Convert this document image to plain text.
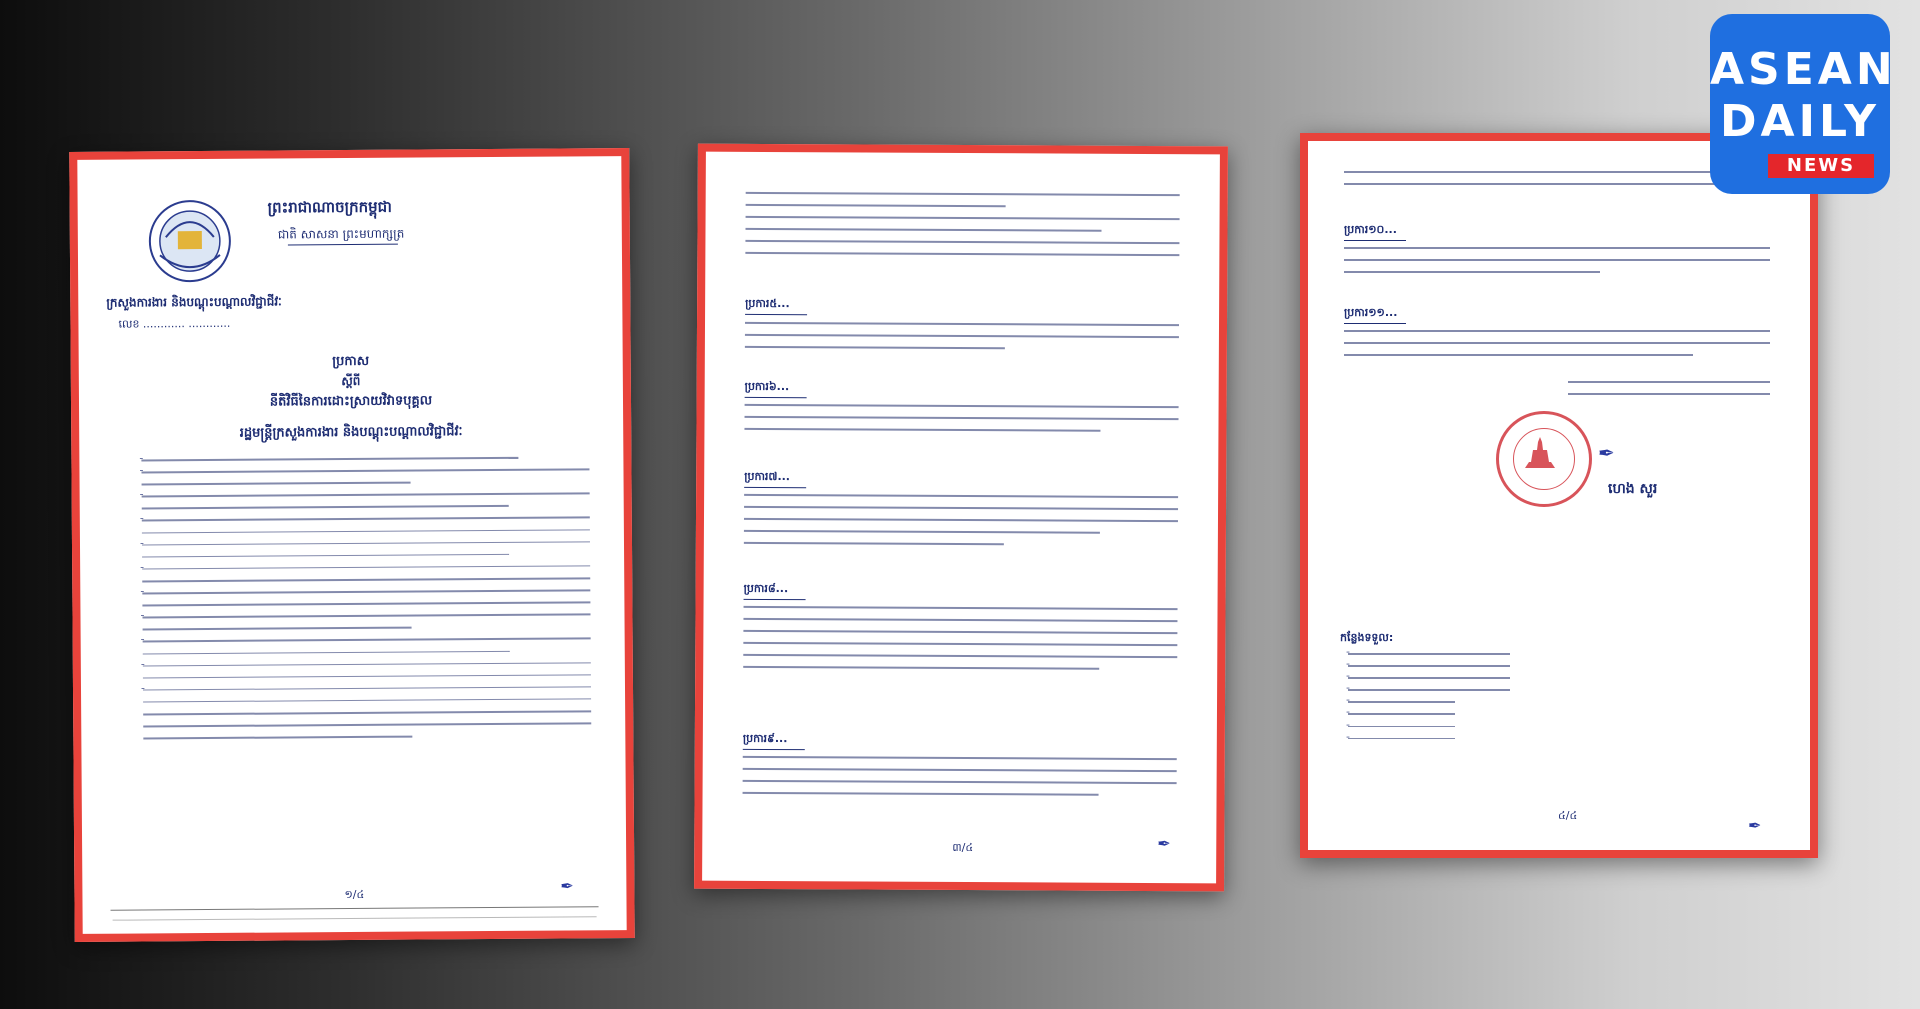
ព្រះរាជាណាចក្រកម្ពុជា
ជាតិ សាសនា ព្រះមហាក្សត្រ
ក្រសួងការងារ និងបណ្តុះបណ្តាលវិជ្ជាជីវៈ
លេខ ............ ............
ប្រកាស
ស្តីពី
នីតិវិធីនៃការដោះស្រាយវិវាទបុគ្គល
រដ្ឋមន្ត្រីក្រសួងការងារ និងបណ្តុះបណ្តាលវិជ្ជាជីវៈ
-
-
-
-
-
-
-
-
-
-
-
១/៤	✒
ប្រការ៥...
ប្រការ៦...
ប្រការ៧...
ប្រការ៨...
ប្រការ៩...
៣/៤	✒
ប្រការ១០...
ប្រការ១១...
✒
ហេង សួរ
កន្លែងទទួល:
-
-
-
-
-
-
-
-
៤/៤
✒
ASEAN
DAILY
NEWS
